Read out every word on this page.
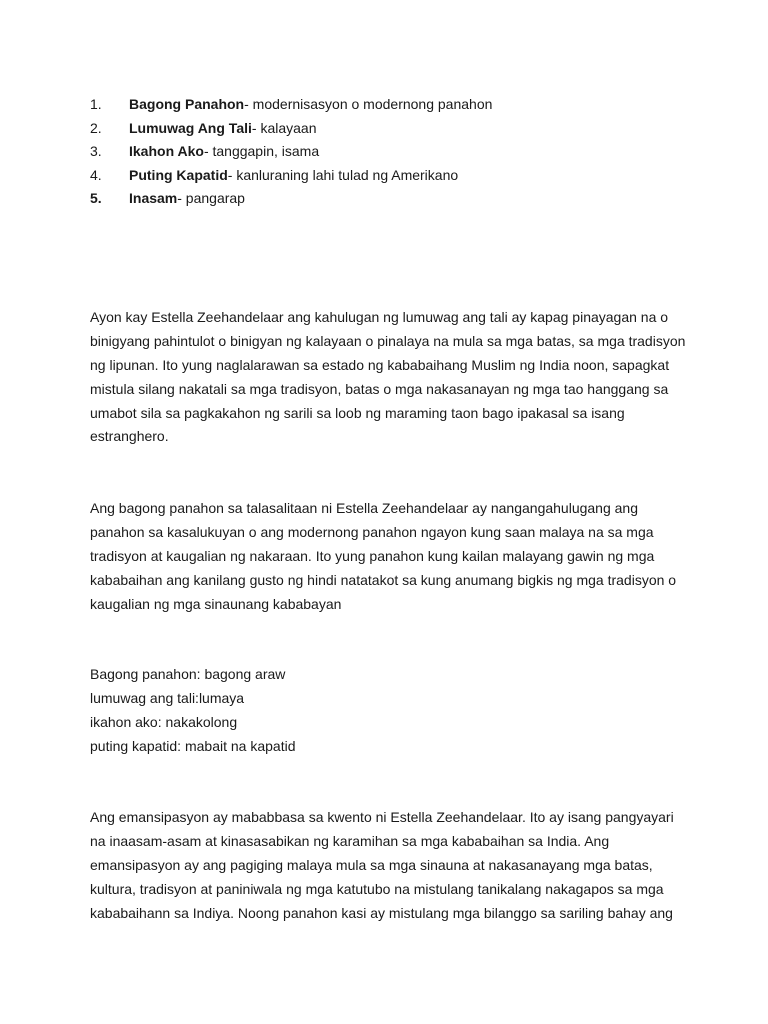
1. Bagong Panahon- modernisasyon o modernong panahon
2. Lumuwag Ang Tali- kalayaan
3. Ikahon Ako- tanggapin, isama
4. Puting Kapatid- kanluraning lahi tulad ng Amerikano
5. Inasam- pangarap

Ayon kay Estella Zeehandelaar ang kahulugan ng lumuwag ang tali ay kapag pinayagan na o
binigyang pahintulot o binigyan ng kalayaan o pinalaya na mula sa mga batas, sa mga tradisyon
ng lipunan. Ito yung naglalarawan sa estado ng kababaihang Muslim ng India noon, sapagkat
mistula silang nakatali sa mga tradisyon, batas o mga nakasanayan ng mga tao hanggang sa
umabot sila sa pagkakahon ng sarili sa loob ng maraming taon bago ipakasal sa isang
estranghero.

Ang bagong panahon sa talasalitaan ni Estella Zeehandelaar ay nangangahulugang ang
panahon sa kasalukuyan o ang modernong panahon ngayon kung saan malaya na sa mga
tradisyon at kaugalian ng nakaraan. Ito yung panahon kung kailan malayang gawin ng mga
kababaihan ang kanilang gusto ng hindi natatakot sa kung anumang bigkis ng mga tradisyon o
kaugalian ng mga sinaunang kababayan

Bagong panahon: bagong araw
lumuwag ang tali:lumaya
ikahon ako: nakakolong
puting kapatid: mabait na kapatid

Ang emansipasyon ay mababbasa sa kwento ni Estella Zeehandelaar. Ito ay isang pangyayari
na inaasam-asam at kinasasabikan ng karamihan sa mga kababaihan sa India. Ang
emansipasyon ay ang pagiging malaya mula sa mga sinauna at nakasanayang mga batas,
kultura, tradisyon at paniniwala ng mga katutubo na mistulang tanikalang nakagapos sa mga
kababaihann sa Indiya. Noong panahon kasi ay mistulang mga bilanggo sa sariling bahay ang
